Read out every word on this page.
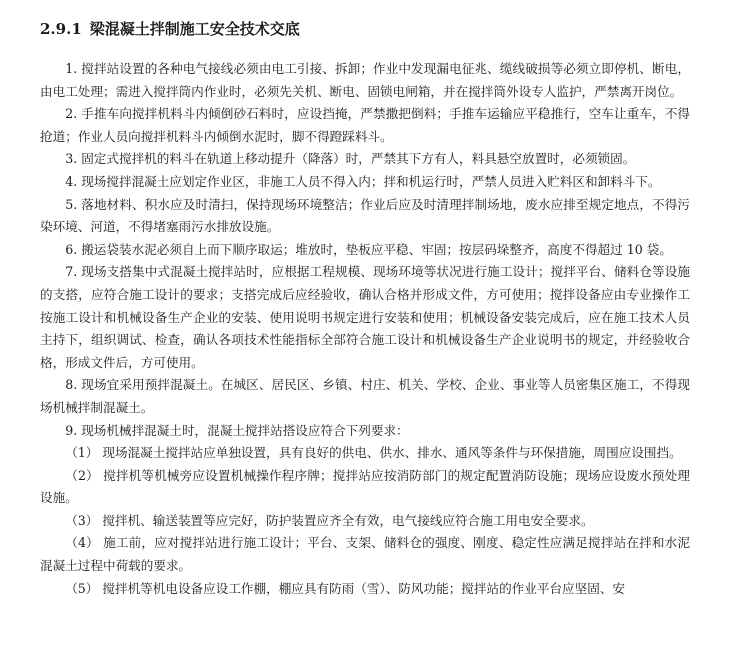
2.9.1 梁混凝土拌制施工安全技术交底

1. 搅拌站设置的各种电气接线必须由电工引接、拆卸；作业中发现漏电征兆、缆线破损等必须立即停机、断电，由电工处理；需进入搅拌筒内作业时，必须先关机、断电、固锁电闸箱，并在搅拌筒外设专人监护，严禁离开岗位。

2. 手推车向搅拌机料斗内倾倒砂石料时，应设挡掩，严禁撒把倒料；手推车运输应平稳推行，空车让重车，不得抢道；作业人员向搅拌机料斗内倾倒水泥时，脚不得蹬踩料斗。

3. 固定式搅拌机的料斗在轨道上移动提升（降落）时，严禁其下方有人，料具悬空放置时，必须锁固。

4. 现场搅拌混凝土应划定作业区，非施工人员不得入内；拌和机运行时，严禁人员进入贮料区和卸料斗下。

5. 落地材料、积水应及时清扫，保持现场环境整洁；作业后应及时清理拌制场地，废水应排至规定地点，不得污染环境、河道，不得堵塞雨污水排放设施。

6. 搬运袋装水泥必须自上而下顺序取运；堆放时，垫板应平稳、牢固；按层码垛整齐，高度不得超过 10 袋。

7. 现场支搭集中式混凝土搅拌站时，应根据工程规模、现场环境等状况进行施工设计；搅拌平台、储料仓等设施的支搭，应符合施工设计的要求；支搭完成后应经验收，确认合格并形成文件，方可使用；搅拌设备应由专业操作工按施工设计和机械设备生产企业的安装、使用说明书规定进行安装和使用；机械设备安装完成后，应在施工技术人员主持下，组织调试、检查，确认各项技术性能指标全部符合施工设计和机械设备生产企业说明书的规定，并经验收合格，形成文件后，方可使用。

8. 现场宜采用预拌混凝土。在城区、居民区、乡镇、村庄、机关、学校、企业、事业等人员密集区施工，不得现场机械拌制混凝土。

9. 现场机械拌混凝土时，混凝土搅拌站搭设应符合下列要求：

（1） 现场混凝土搅拌站应单独设置，具有良好的供电、供水、排水、通风等条件与环保措施，周围应设围挡。

（2） 搅拌机等机械旁应设置机械操作程序牌；搅拌站应按消防部门的规定配置消防设施；现场应设废水预处理设施。

（3） 搅拌机、输送装置等应完好，防护装置应齐全有效，电气接线应符合施工用电安全要求。

（4） 施工前，应对搅拌站进行施工设计；平台、支架、储料仓的强度、刚度、稳定性应满足搅拌站在拌和水泥混凝土过程中荷载的要求。

（5） 搅拌机等机电设备应设工作棚，棚应具有防雨（雪）、防风功能；搅拌站的作业平台应坚固、安
